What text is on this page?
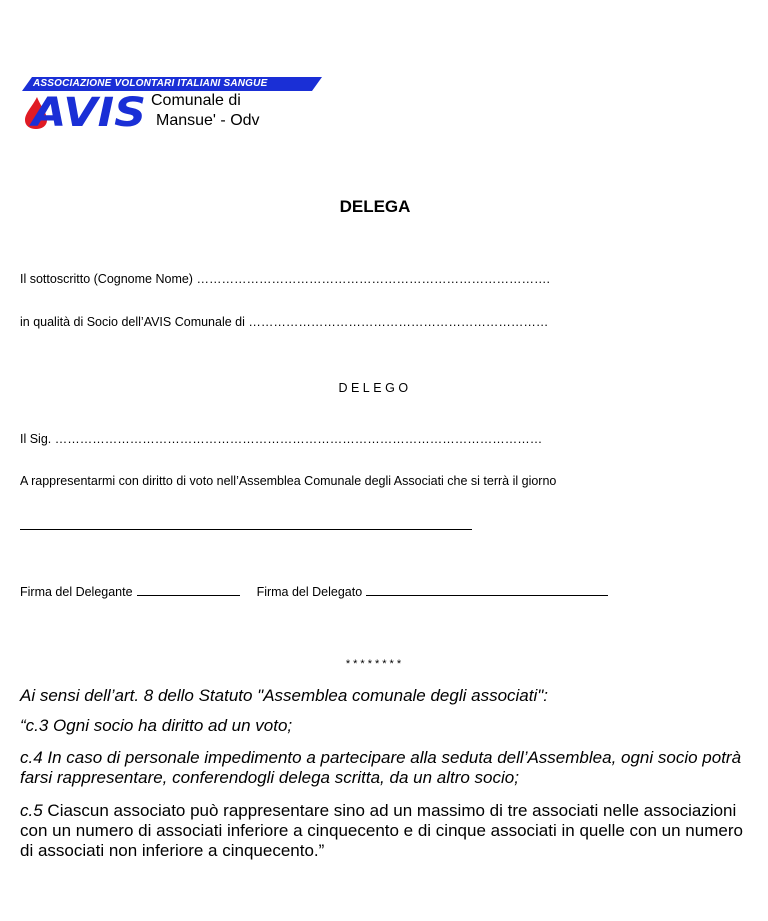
ASSOCIAZIONE VOLONTARI ITALIANI SANGUE
AVIS Comunale di
Mansue' - Odv
DELEGA
Il sottoscritto (Cognome Nome) ………………………………………………………………………….
in qualità di Socio dell’AVIS Comunale di ………………………………………………………………
DELEGO
Il Sig. ………………………………………………………………………………………………………
A rappresentarmi con diritto di voto nell’Assemblea Comunale degli Associati che si terrà il giorno
Firma del Delegante	Firma del Delegato
********
Ai sensi dell’art. 8 dello Statuto "Assemblea comunale degli associati":
“c.3 Ogni socio ha diritto ad un voto;
c.4 In caso di personale impedimento a partecipare alla seduta dell’Assemblea, ogni socio potrà farsi rappresentare, conferendogli delega scritta, da un altro socio;
c.5 Ciascun associato può rappresentare sino ad un massimo di tre associati nelle associazioni con un numero di associati inferiore a cinquecento e di cinque associati in quelle con un numero di associati non inferiore a cinquecento.”
